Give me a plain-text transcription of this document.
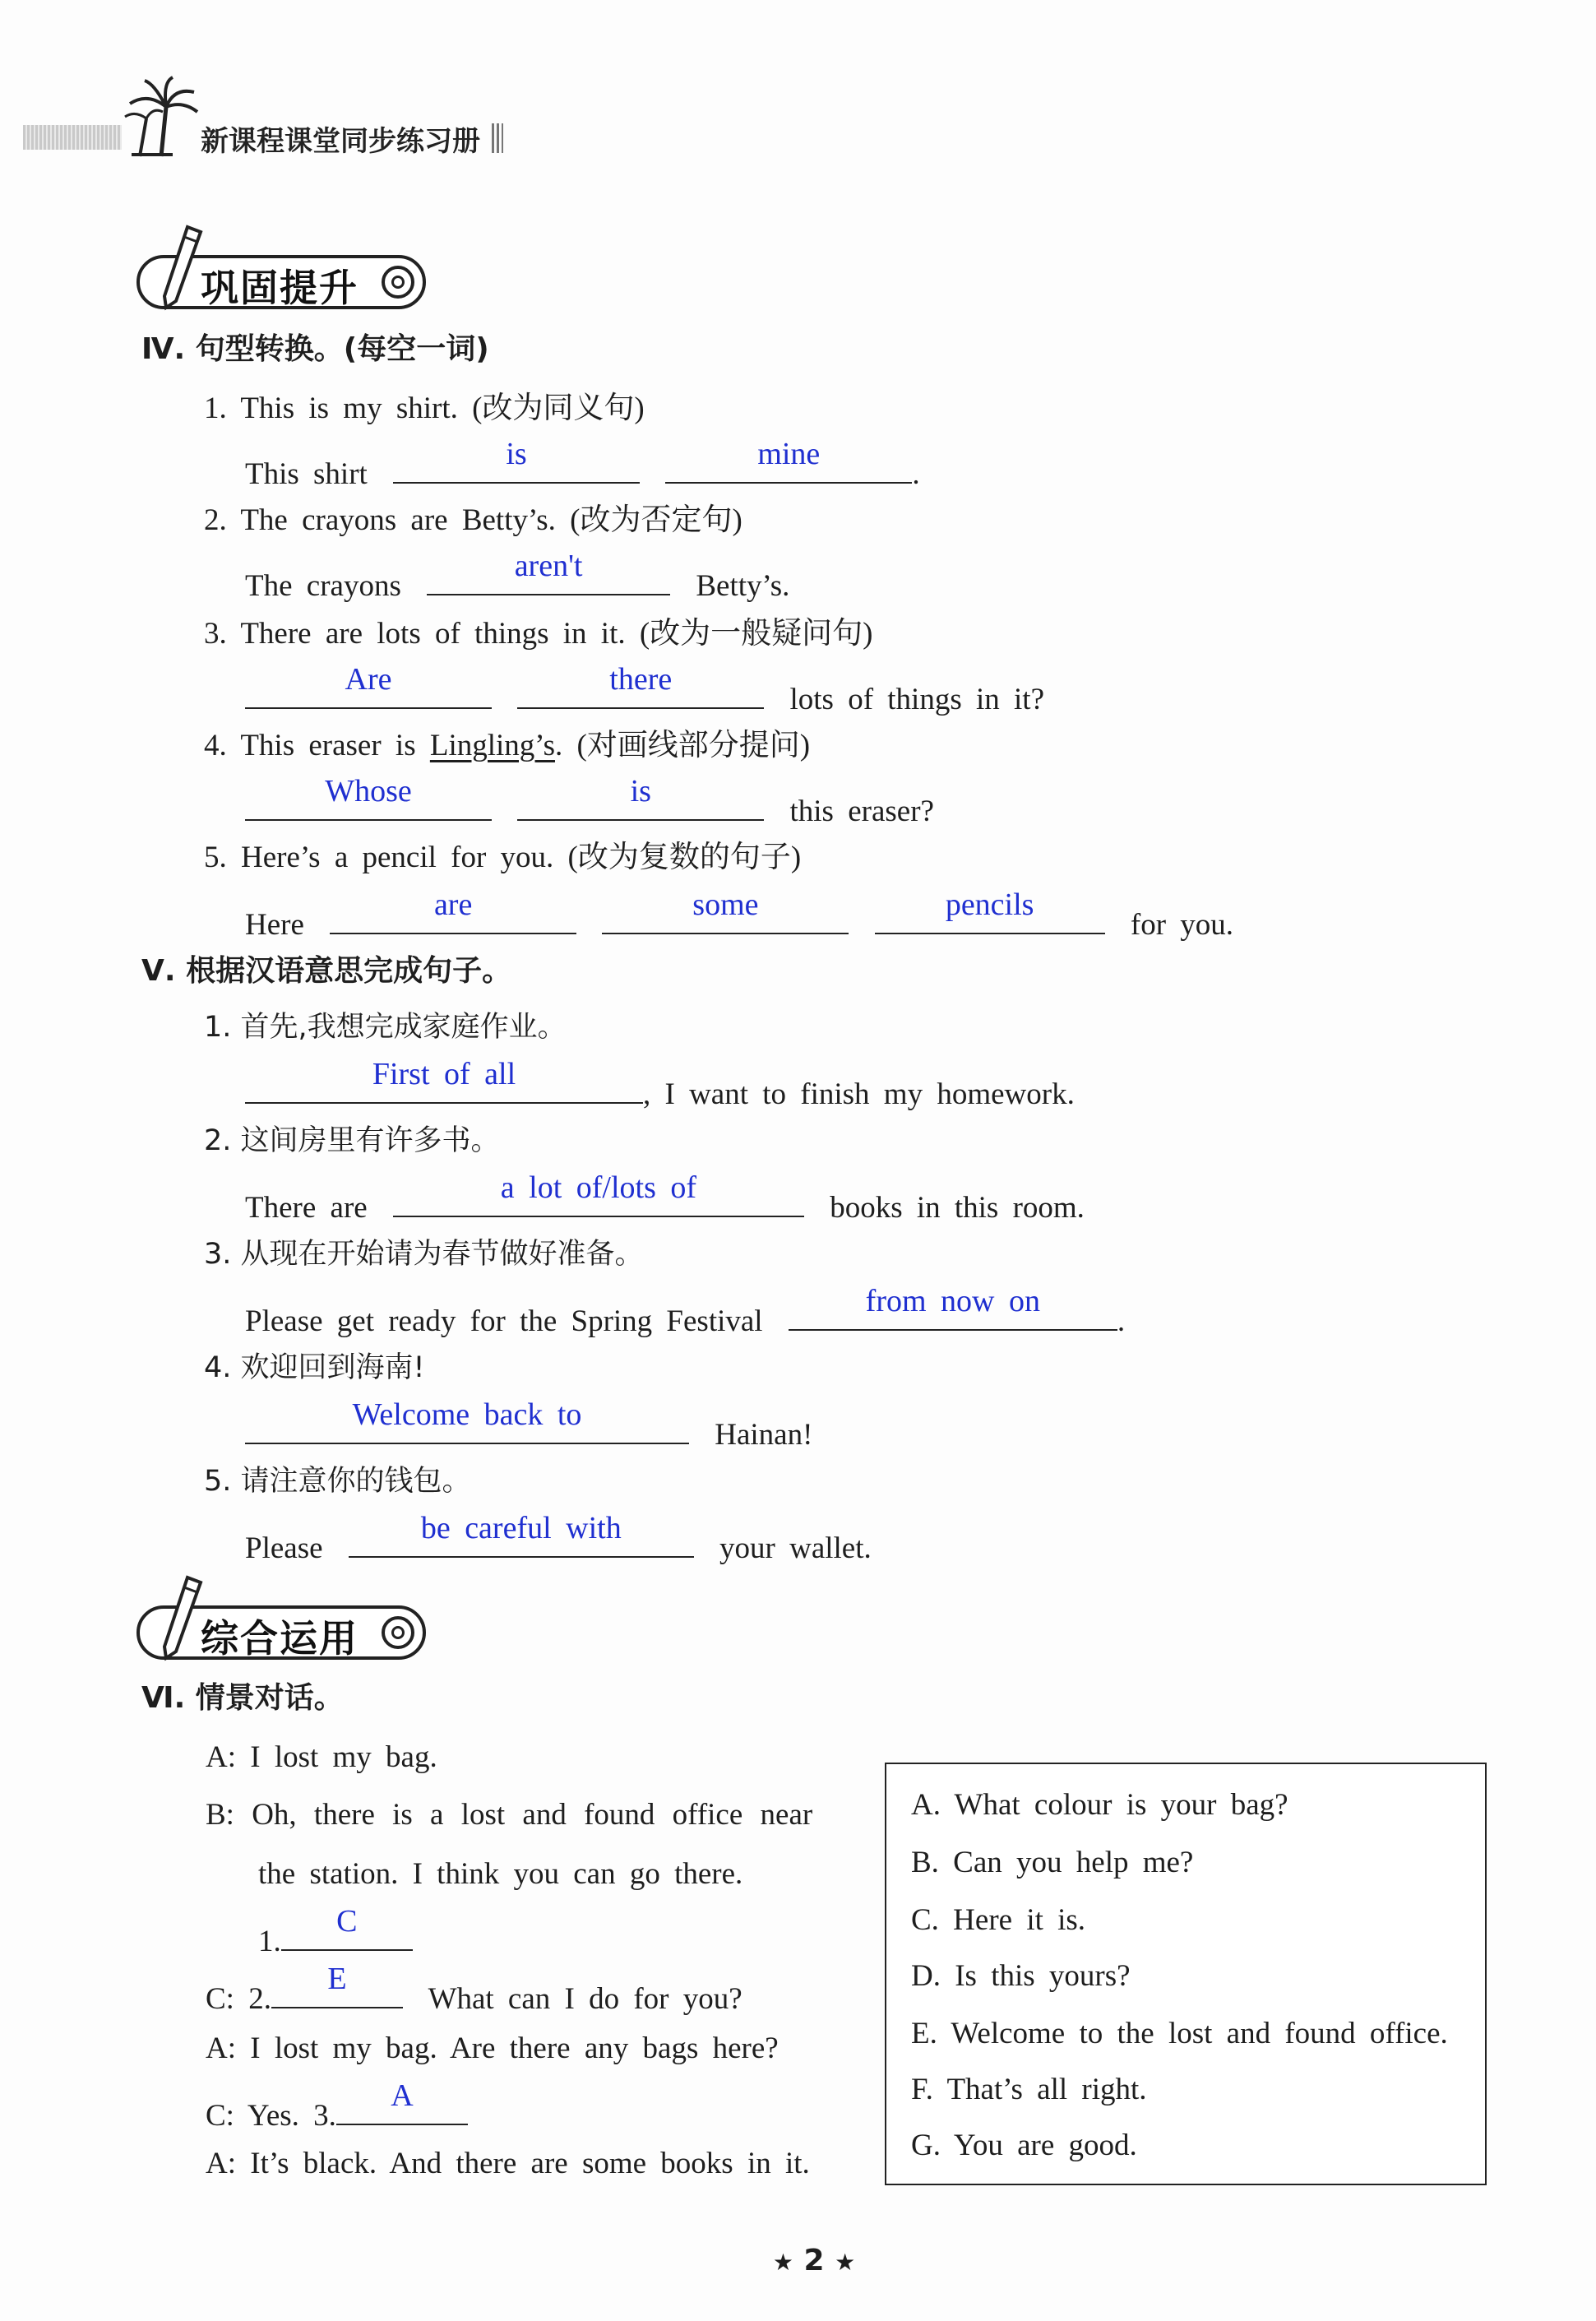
新课程课堂同步练习册
巩固提升
Ⅳ. 句型转换。(每空一词)
1. This is my shirt. (改为同义句)
This shirt
is
	mine
.
2. The crayons are Betty’s. (改为否定句)
The crayons
aren't
Betty’s.
3. There are lots of things in it. (改为一般疑问句)
Are
	there
lots of things in it?
4. This eraser is Lingling’s. (对画线部分提问)
Whose
	is
this eraser?
5. Here’s a pencil for you. (改为复数的句子)
Here
are
	some
	pencils
for you.
Ⅴ. 根据汉语意思完成句子。
1. 首先,我想完成家庭作业。
First of all
, I want to finish my homework.
2. 这间房里有许多书。
There are
a lot of/lots of
books in this room.
3. 从现在开始请为春节做好准备。
Please get ready for the Spring Festival
from now on
.
4. 欢迎回到海南!
Welcome back to
Hainan!
5. 请注意你的钱包。
Please
be careful with
your wallet.
综合运用
Ⅵ. 情景对话。
A: I lost my bag.
B: Oh, there is a lost and found office near
the station. I think you can go there.
1.
C
C: 2.
E
What can I do for you?
A: I lost my bag. Are there any bags here?
C: Yes. 3.
A
A: It’s black. And there are some books in it.
A. What colour is your bag?
B. Can you help me?
C. Here it is.
D. Is this yours?
E. Welcome to the lost and found office.
F. That’s all right.
G. You are good.
★ 2 ★
